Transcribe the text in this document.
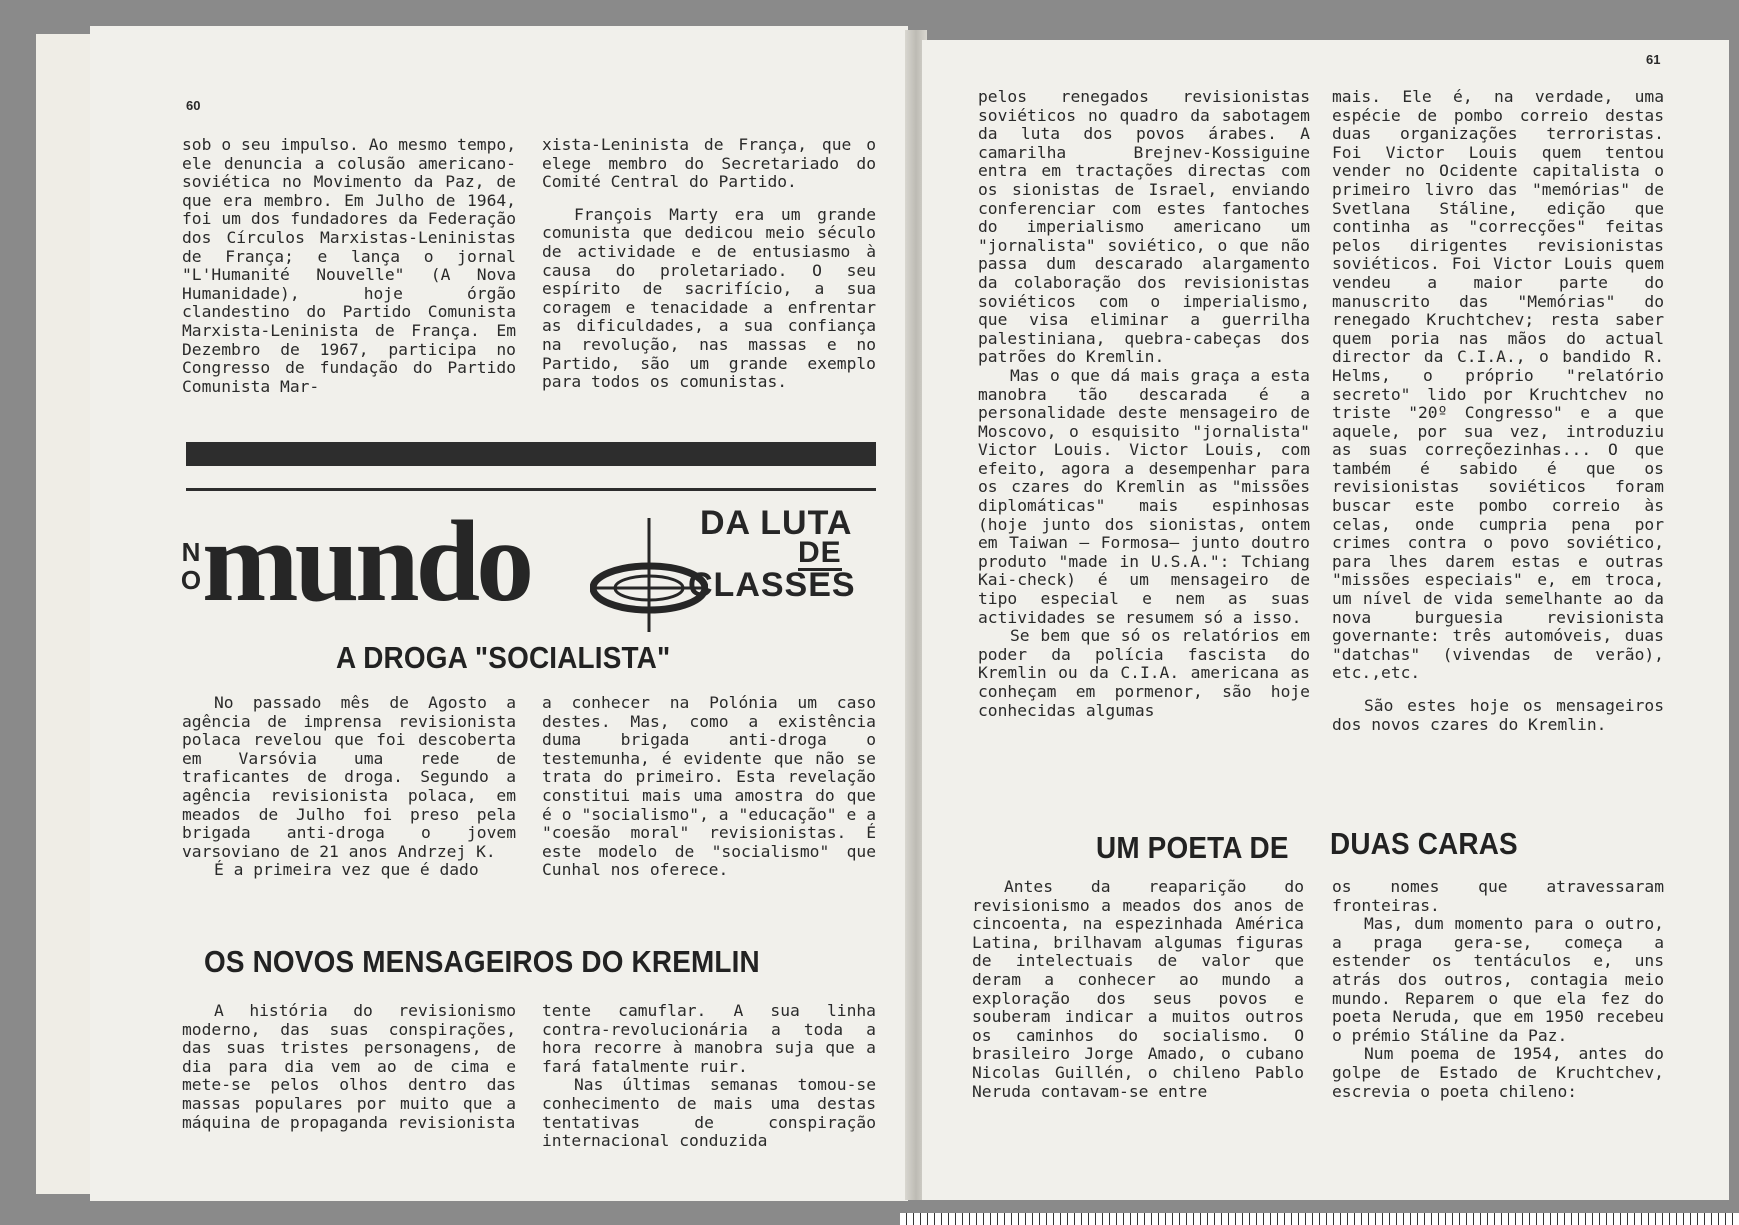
60

sob o seu impulso. Ao mesmo tempo, ele denuncia a colusão americano-soviética no Movimento da Paz, de que era membro. Em Julho de 1964, foi um dos fundadores da Federação dos Círculos Marxistas-Leninistas de França; e lança o jornal "L'Humanité Nouvelle" (A Nova Humanidade), hoje órgão clandestino do Partido Comunista Marxista-Leninista de França. Em Dezembro de 1967, participa no Congresso de fundação do Partido Comunista Mar-

xista-Leninista de França, que o elege membro do Secretariado do Comité Central do Partido.

François Marty era um grande comunista que dedicou meio século de actividade e de entusiasmo à causa do proletariado. O seu espírito de sacrifício, a sua coragem e tenacidade a enfrentar as dificuldades, a sua confiança na revolução, nas massas e no Partido, são um grande exemplo para todos os comunistas.

N
O mundo	DA LUTA
DE
CLASSES
A DROGA "SOCIALISTA"

No passado mês de Agosto a agência de imprensa revisionista polaca revelou que foi descoberta em Varsóvia uma rede de traficantes de droga. Segundo a agência revisionista polaca, em meados de Julho foi preso pela brigada anti-droga o jovem varsoviano de 21 anos Andrzej K.

É a primeira vez que é dado

a conhecer na Polónia um caso destes. Mas, como a existência duma brigada anti-droga o testemunha, é evidente que não se trata do primeiro. Esta revelação constitui mais uma amostra do que é o "socialismo", a "educação" e a "coesão moral" revisionistas. É este modelo de "socialismo" que Cunhal nos oferece.

OS NOVOS MENSAGEIROS DO KREMLIN

A história do revisionismo moderno, das suas conspirações, das suas tristes personagens, de dia para dia vem ao de cima e mete-se pelos olhos dentro das massas populares por muito que a máquina de propaganda revisionista

tente camuflar. A sua linha contra-revolucionária a toda a hora recorre à manobra suja que a fará fatalmente ruir.

Nas últimas semanas tomou-se conhecimento de mais uma destas tentativas de conspiração internacional conduzida

61

pelos renegados revisionistas soviéticos no quadro da sabotagem da luta dos povos árabes. A camarilha Brejnev-Kossiguine entra em tractações directas com os sionistas de Israel, enviando conferenciar com estes fantoches do imperialismo americano um "jornalista" soviético, o que não passa dum descarado alargamento da colaboração dos revisionistas soviéticos com o imperialismo, que visa eliminar a guerrilha palestiniana, quebra-cabeças dos patrões do Kremlin.

Mas o que dá mais graça a esta manobra tão descarada é a personalidade deste mensageiro de Moscovo, o esquisito "jornalista" Victor Louis. Victor Louis, com efeito, agora a desempenhar para os czares do Kremlin as "missões diplomáticas" mais espinhosas (hoje junto dos sionistas, ontem em Taiwan — Formosa— junto doutro produto "made in U.S.A.": Tchiang Kai-check) é um mensageiro de tipo especial e nem as suas actividades se resumem só a isso.

Se bem que só os relatórios em poder da polícia fascista do Kremlin ou da C.I.A. americana as conheçam em pormenor, são hoje conhecidas algumas

mais. Ele é, na verdade, uma espécie de pombo correio destas duas organizações terroristas. Foi Victor Louis quem tentou vender no Ocidente capitalista o primeiro livro das "memórias" de Svetlana Stáline, edição que continha as "correcções" feitas pelos dirigentes revisionistas soviéticos. Foi Victor Louis quem vendeu a maior parte do manuscrito das "Memórias" do renegado Kruchtchev; resta saber quem poria nas mãos do actual director da C.I.A., o bandido R. Helms, o próprio "relatório secreto" lido por Kruchtchev no triste "20º Congresso" e a que aquele, por sua vez, introduziu as suas correçõezinhas... O que também é sabido é que os revisionistas soviéticos foram buscar este pombo correio às celas, onde cumpria pena por crimes contra o povo soviético, para lhes darem estas e outras "missões especiais" e, em troca, um nível de vida semelhante ao da nova burguesia revisionista governante: três automóveis, duas "datchas" (vivendas de verão), etc.,etc.

São estes hoje os mensageiros dos novos czares do Kremlin.

UM POETA DE DUAS CARAS

Antes da reaparição do revisionismo a meados dos anos de cincoenta, na espezinhada América Latina, brilhavam algumas figuras de intelectuais de valor que deram a conhecer ao mundo a exploração dos seus povos e souberam indicar a muitos outros os caminhos do socialismo. O brasileiro Jorge Amado, o cubano Nicolas Guillén, o chileno Pablo Neruda contavam-se entre

os nomes que atravessaram fronteiras.

Mas, dum momento para o outro, a praga gera-se, começa a estender os tentáculos e, uns atrás dos outros, contagia meio mundo. Reparem o que ela fez do poeta Neruda, que em 1950 recebeu o prémio Stáline da Paz.

Num poema de 1954, antes do golpe de Estado de Kruchtchev, escrevia o poeta chileno:
